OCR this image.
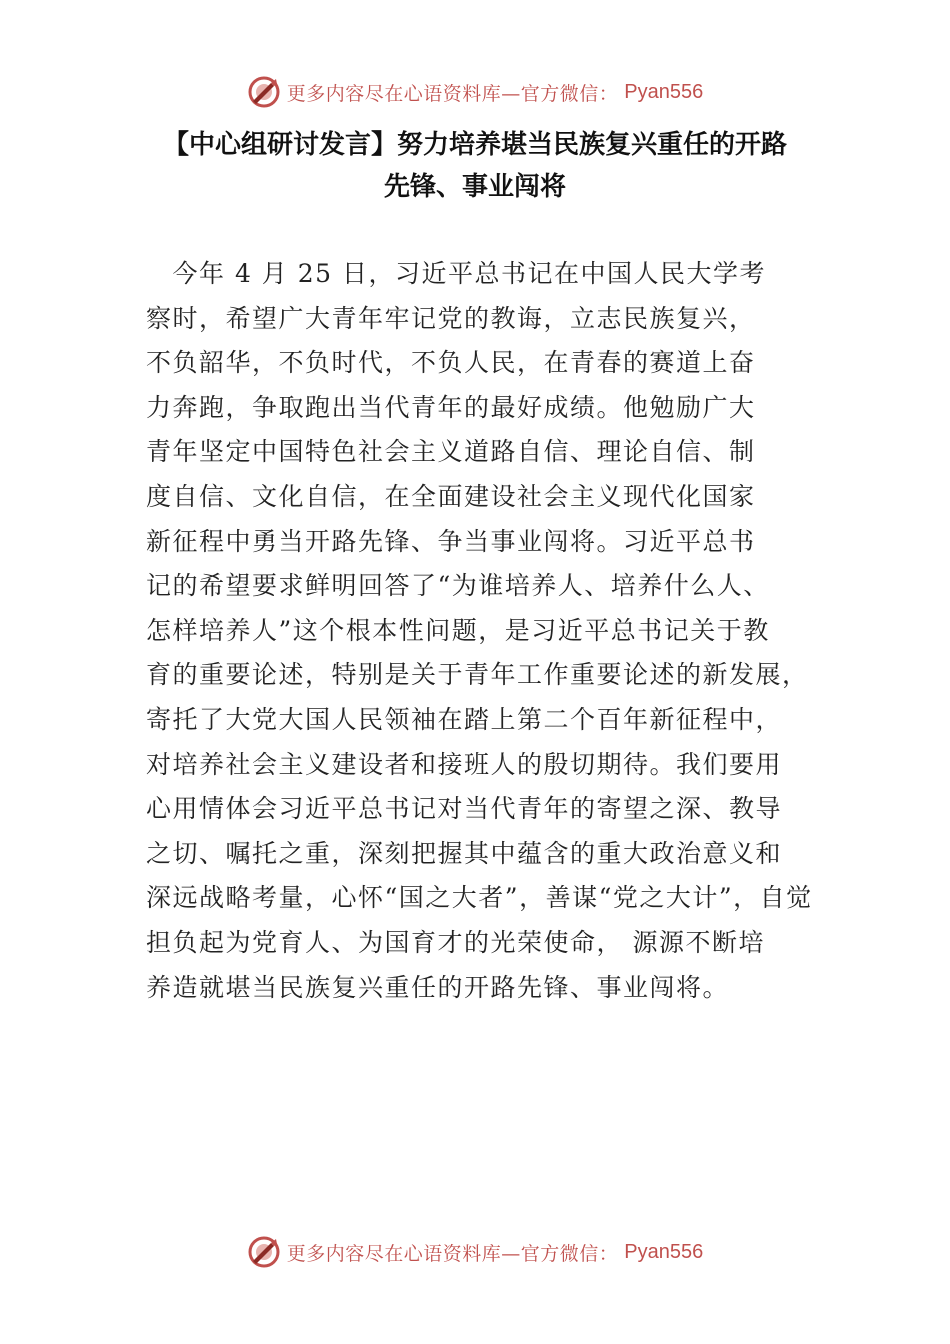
更多内容尽在心语资料库—官方微信： Pyan556
【中心组研讨发言】努力培养堪当民族复兴重任的开路
先锋、事业闯将
　今年 4 月 25 日，习近平总书记在中国人民大学考
察时，希望广大青年牢记党的教诲，立志民族复兴，
不负韶华，不负时代，不负人民，在青春的赛道上奋
力奔跑，争取跑出当代青年的最好成绩。他勉励广大
青年坚定中国特色社会主义道路自信、理论自信、制
度自信、文化自信，在全面建设社会主义现代化国家
新征程中勇当开路先锋、争当事业闯将。习近平总书
记的希望要求鲜明回答了“为谁培养人、培养什么人、
怎样培养人”这个根本性问题，是习近平总书记关于教
育的重要论述，特别是关于青年工作重要论述的新发展，
寄托了大党大国人民领袖在踏上第二个百年新征程中，
对培养社会主义建设者和接班人的殷切期待。我们要用
心用情体会习近平总书记对当代青年的寄望之深、教导
之切、嘱托之重，深刻把握其中蕴含的重大政治意义和
深远战略考量，心怀“国之大者”，善谋“党之大计”，自觉
担负起为党育人、为国育才的光荣使命， 源源不断培
养造就堪当民族复兴重任的开路先锋、事业闯将。
更多内容尽在心语资料库—官方微信： Pyan556
